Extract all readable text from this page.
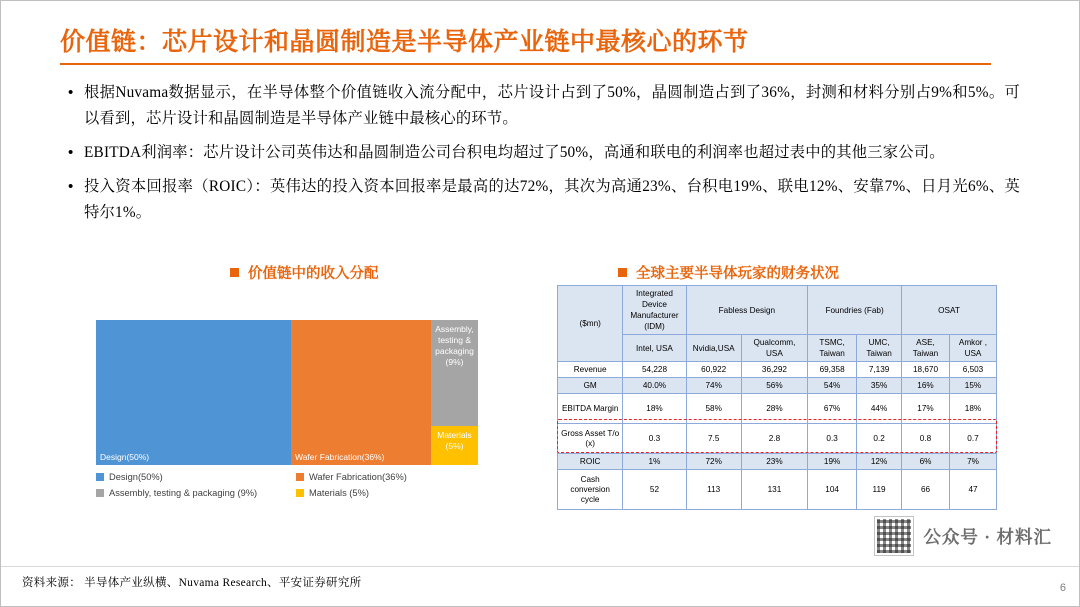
价值链：芯片设计和晶圆制造是半导体产业链中最核心的环节
• 根据Nuvama数据显示，在半导体整个价值链收入流分配中，芯片设计占到了50%，晶圆制造占到了36%，封测和材料分别占9%和5%。可以看到，芯片设计和晶圆制造是半导体产业链中最核心的环节。
• EBITDA利润率：芯片设计公司英伟达和晶圆制造公司台积电均超过了50%，高通和联电的利润率也超过表中的其他三家公司。
• 投入资本回报率（ROIC）：英伟达的投入资本回报率是最高的达72%，其次为高通23%、台积电19%、联电12%、安靠7%、日月光6%、英特尔1%。
价值链中的收入分配	全球主要半导体玩家的财务状况
Design(50%)	Wafer Fabrication(36%)
Assembly, testing & packaging (9%)
Materials (5%)
Design(50%)	Wafer Fabrication(36%)
Assembly, testing & packaging (9%)	Materials (5%)
($mn)	Integrated Device Manufacturer (IDM)	Fabless Design		Foundries (Fab)		OSAT	
	Intel, USA	Nvidia,USA	Qualcomm, USA	TSMC, Taiwan	UMC, Taiwan	ASE, Taiwan	Amkor , USA
Revenue	54,228	60,922	36,292	69,358	7,139	18,670	6,503
GM	40.0%	74%	56%	54%	35%	16%	15%
EBITDA Margin	18%	58%	28%	67%	44%	17%	18%
Gross Asset T/o (x)	0.3	7.5	2.8	0.3	0.2	0.8	0.7
ROIC	1%	72%	23%	19%	12%	6%	7%
Cash conversion cycle	52	113	131	104	119	66	47
公众号 · 材料汇
资料来源： 半导体产业纵横、Nuvama Research、平安证券研究所	6
